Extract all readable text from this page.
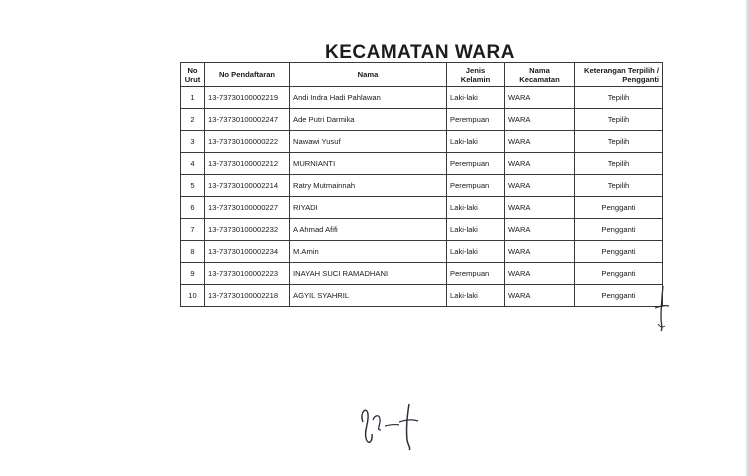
KECAMATAN WARA
No Urut	No Pendaftaran	Nama	Jenis Kelamin	Nama Kecamatan	Keterangan Terpilih / Pengganti
1	13-73730100002219	Andi Indra Hadi Pahlawan	Laki-laki	WARA	Tepilih
2	13-73730100002247	Ade Putri Darmika	Perempuan	WARA	Tepilih
3	13-73730100000222	Nawawi Yusuf	Laki-laki	WARA	Tepilih
4	13-73730100002212	MURNIANTI	Perempuan	WARA	Tepilih
5	13-73730100002214	Ratry Mutmainnah	Perempuan	WARA	Tepilih
6	13-73730100000227	RIYADI	Laki-laki	WARA	Pengganti
7	13-73730100002232	A Ahmad Afifi	Laki-laki	WARA	Pengganti
8	13-73730100002234	M.Amin	Laki-laki	WARA	Pengganti
9	13-73730100002223	INAYAH SUCI RAMADHANI	Perempuan	WARA	Pengganti
10	13-73730100002218	AGYIL SYAHRIL	Laki-laki	WARA	Pengganti
